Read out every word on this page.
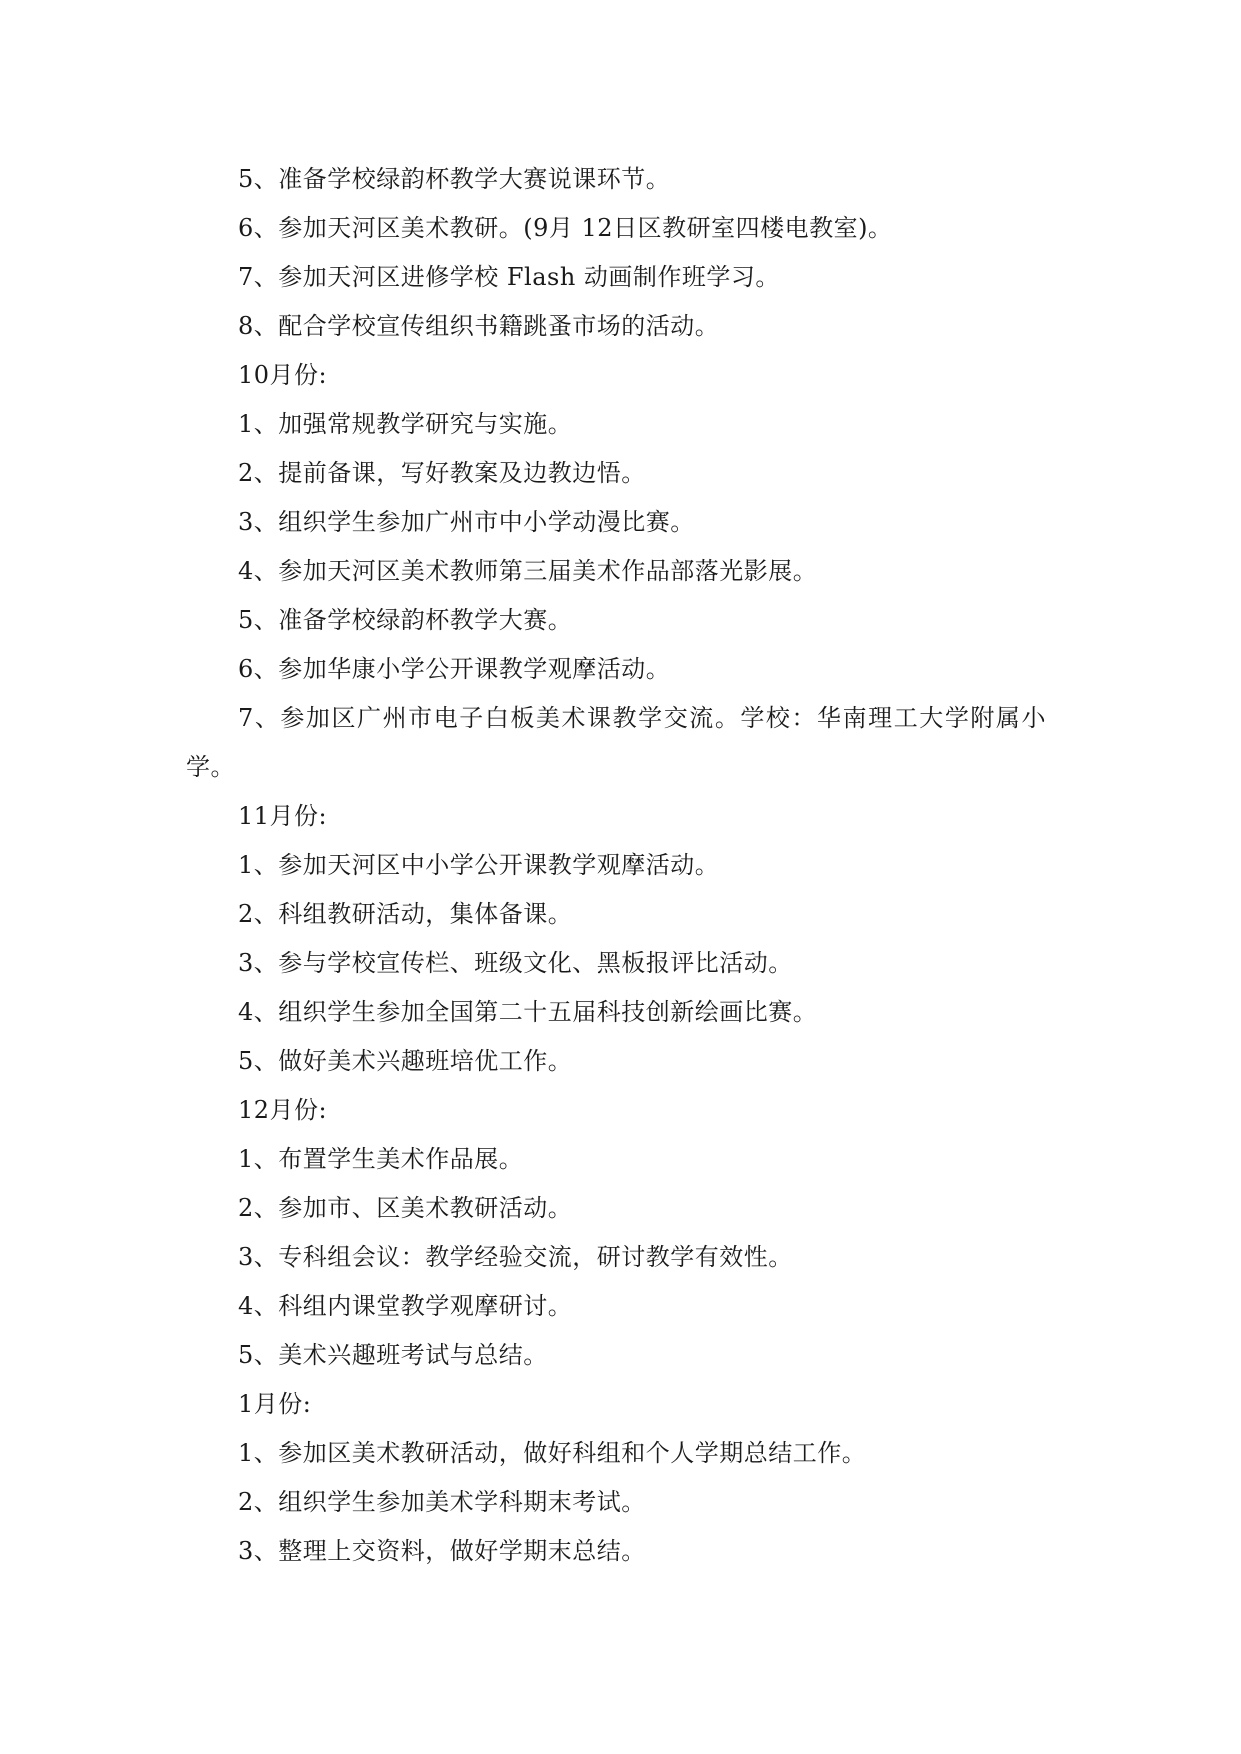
5、准备学校绿韵杯教学大赛说课环节。

6、参加天河区美术教研。(9月 12日区教研室四楼电教室)。

7、参加天河区进修学校 Flash 动画制作班学习。

8、配合学校宣传组织书籍跳蚤市场的活动。

10月份:

1、加强常规教学研究与实施。

2、提前备课，写好教案及边教边悟。

3、组织学生参加广州市中小学动漫比赛。

4、参加天河区美术教师第三届美术作品部落光影展。

5、准备学校绿韵杯教学大赛。

6、参加华康小学公开课教学观摩活动。

7、参加区广州市电子白板美术课教学交流。学校：华南理工大学附属小学。

11月份:

1、参加天河区中小学公开课教学观摩活动。

2、科组教研活动，集体备课。

3、参与学校宣传栏、班级文化、黑板报评比活动。

4、组织学生参加全国第二十五届科技创新绘画比赛。

5、做好美术兴趣班培优工作。

12月份:

1、布置学生美术作品展。

2、参加市、区美术教研活动。

3、专科组会议：教学经验交流，研讨教学有效性。

4、科组内课堂教学观摩研讨。

5、美术兴趣班考试与总结。

1月份:

1、参加区美术教研活动，做好科组和个人学期总结工作。

2、组织学生参加美术学科期末考试。

3、整理上交资料，做好学期末总结。
